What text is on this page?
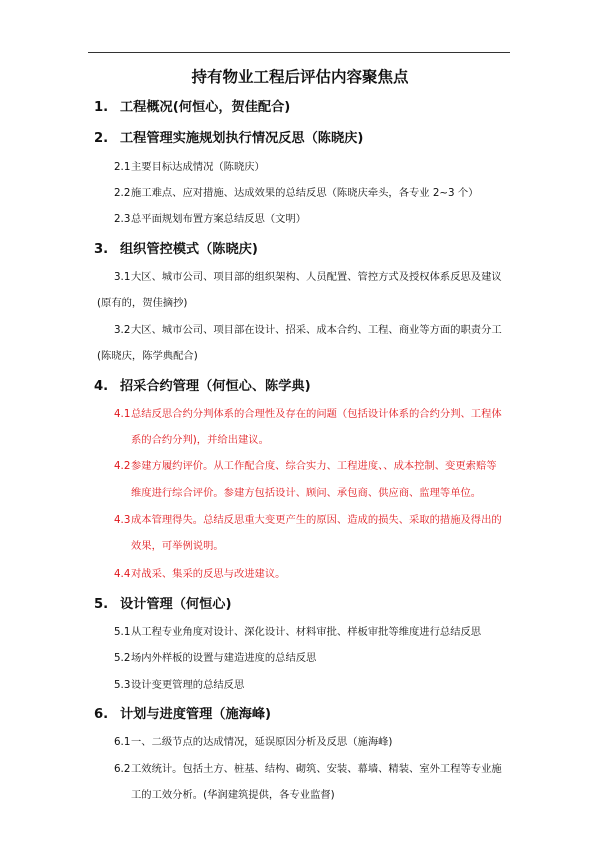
持有物业工程后评估内容聚焦点
1. 工程概况(何恒心，贺佳配合)
2. 工程管理实施规划执行情况反思（陈晓庆)
2.1主要目标达成情况（陈晓庆）
2.2施工难点、应对措施、达成效果的总结反思（陈晓庆牵头，各专业 2~3 个）
2.3总平面规划布置方案总结反思（文明）
3. 组织管控模式（陈晓庆)
3.1大区、城市公司、项目部的组织架构、人员配置、管控方式及授权体系反思及建议
(原有的，贺佳摘抄)
3.2大区、城市公司、项目部在设计、招采、成本合约、工程、商业等方面的职责分工
(陈晓庆，陈学典配合)
4. 招采合约管理（何恒心、陈学典)
4.1总结反思合约分判体系的合理性及存在的问题（包括设计体系的合约分判、工程体
系的合约分判)，并给出建议。
4.2参建方履约评价。从工作配合度、综合实力、工程进度、、成本控制、变更索赔等
维度进行综合评价。参建方包括设计、顾问、承包商、供应商、监理等单位。
4.3成本管理得失。总结反思重大变更产生的原因、造成的损失、采取的措施及得出的
效果，可举例说明。
4.4对战采、集采的反思与改进建议。
5. 设计管理（何恒心)
5.1从工程专业角度对设计、深化设计、材料审批、样板审批等维度进行总结反思
5.2场内外样板的设置与建造进度的总结反思
5.3设计变更管理的总结反思
6. 计划与进度管理（施海峰)
6.1一、二级节点的达成情况，延误原因分析及反思（施海峰)
6.2工效统计。包括土方、桩基、结构、砌筑、安装、幕墙、精装、室外工程等专业施
工的工效分析。(华润建筑提供，各专业监督)
